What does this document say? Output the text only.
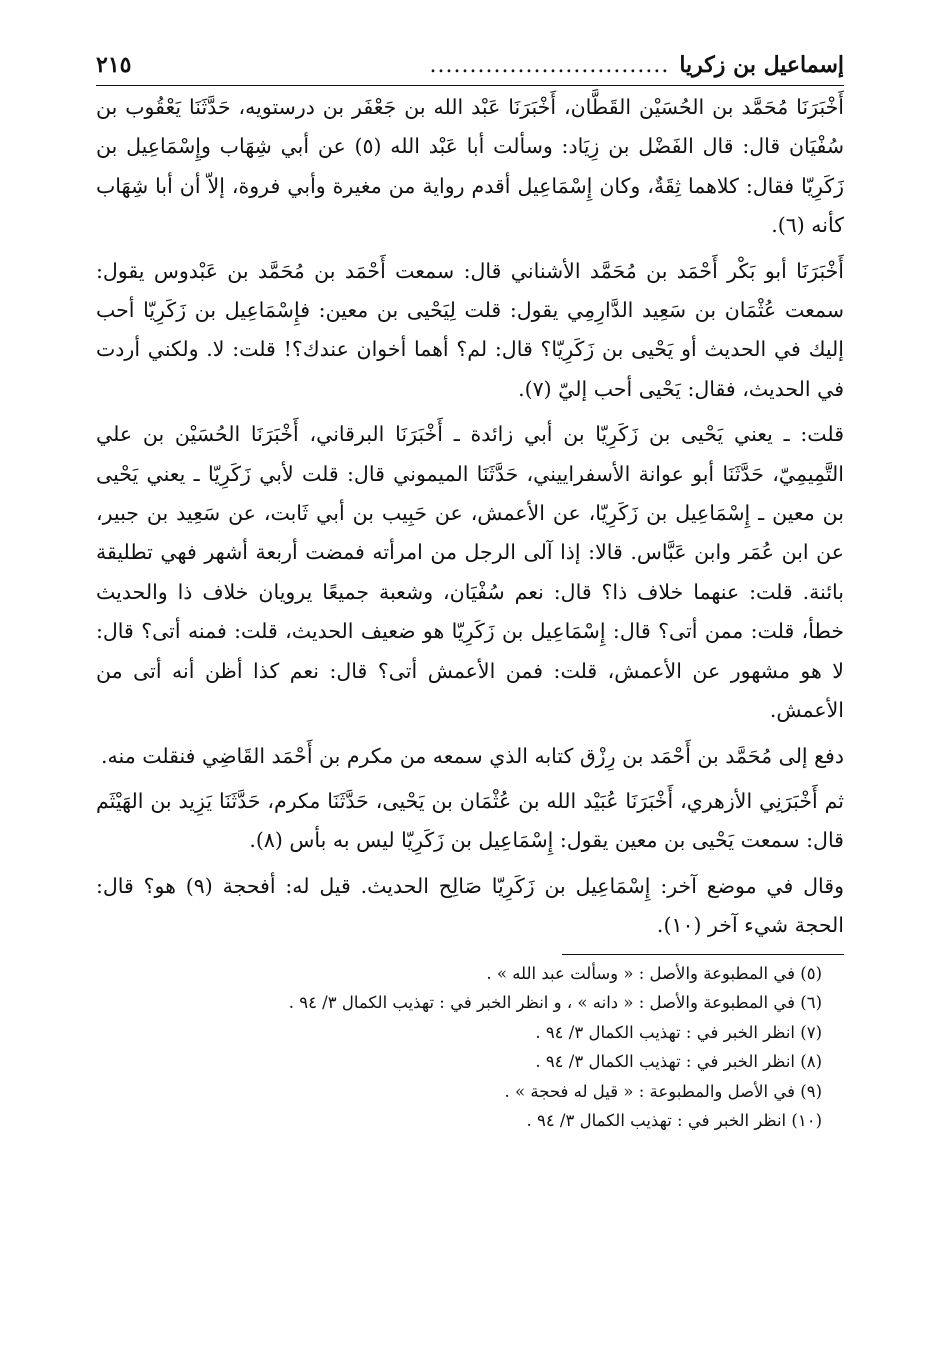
إسماعيل بن زكريا
..............................
٢١٥

أَخْبَرَنَا مُحَمَّد بن الحُسَيْن القَطَّان، أَخْبَرَنَا عَبْد الله بن جَعْفَر بن درستويه، حَدَّثَنَا يَعْقُوب بن سُفْيَان قال: قال الفَضْل بن زِيَاد: وسألت أبا عَبْد الله (٥) عن أبي شِهَاب وإِسْمَاعِيل بن زَكَرِيّا فقال: كلاهما ثِقَةٌ، وكان إِسْمَاعِيل أقدم رواية من مغيرة وأبي فروة، إلاّ أن أبا شِهَاب كأنه (٦).

أَخْبَرَنَا أبو بَكْر أَحْمَد بن مُحَمَّد الأشناني قال: سمعت أَحْمَد بن مُحَمَّد بن عَبْدوس يقول: سمعت عُثْمَان بن سَعِيد الدَّارِمِي يقول: قلت لِيَحْيى بن معين: فإِسْمَاعِيل بن زَكَرِيّا أحب إليك في الحديث أو يَحْيى بن زَكَرِيّا؟ قال: لم؟ أهما أخوان عندك؟! قلت: لا. ولكني أردت في الحديث، فقال: يَحْيى أحب إليّ (٧).

قلت: ـ يعني يَحْيى بن زَكَرِيّا بن أبي زائدة ـ أَخْبَرَنَا البرقاني، أَخْبَرَنَا الحُسَيْن بن علي التَّمِيمِيّ، حَدَّثَنَا أبو عوانة الأسفراييني، حَدَّثَنَا الميموني قال: قلت لأبي زَكَرِيّا ـ يعني يَحْيى بن معين ـ إِسْمَاعِيل بن زَكَرِيّا، عن الأعمش، عن حَبِيب بن أبي ثَابت، عن سَعِيد بن جبير، عن ابن عُمَر وابن عَبَّاس. قالا: إذا آلى الرجل من امرأته فمضت أربعة أشهر فهي تطليقة بائنة. قلت: عنهما خلاف ذا؟ قال: نعم سُفْيَان، وشعبة جميعًا يرويان خلاف ذا والحديث خطأ، قلت: ممن أتى؟ قال: إِسْمَاعِيل بن زَكَرِيّا هو ضعيف الحديث، قلت: فمنه أتى؟ قال: لا هو مشهور عن الأعمش، قلت: فمن الأعمش أتى؟ قال: نعم كذا أظن أنه أتى من الأعمش.

دفع إلى مُحَمَّد بن أَحْمَد بن رِزْق كتابه الذي سمعه من مكرم بن أَحْمَد القَاضِي فنقلت منه.

ثم أَخْبَرَنِي الأزهري، أَخْبَرَنَا عُبَيْد الله بن عُثْمَان بن يَحْيى، حَدَّثَنَا مكرم، حَدَّثَنَا يَزِيد بن الهَيْثَم قال: سمعت يَحْيى بن معين يقول: إِسْمَاعِيل بن زَكَرِيّا ليس به بأس (٨).

وقال في موضع آخر: إِسْمَاعِيل بن زَكَرِيّا صَالِح الحديث. قيل له: أفحجة (٩) هو؟ قال: الحجة شيء آخر (١٠).

(٥) في المطبوعة والأصل : « وسألت عبد الله » .
(٦) في المطبوعة والأصل : « دانه » ، و انظر الخبر في : تهذيب الكمال ٣/ ٩٤ .
(٧) انظر الخبر في : تهذيب الكمال ٣/ ٩٤ .
(٨) انظر الخبر في : تهذيب الكمال ٣/ ٩٤ .
(٩) في الأصل والمطبوعة : « قيل له فحجة » .
(١٠) انظر الخبر في : تهذيب الكمال ٣/ ٩٤ .
